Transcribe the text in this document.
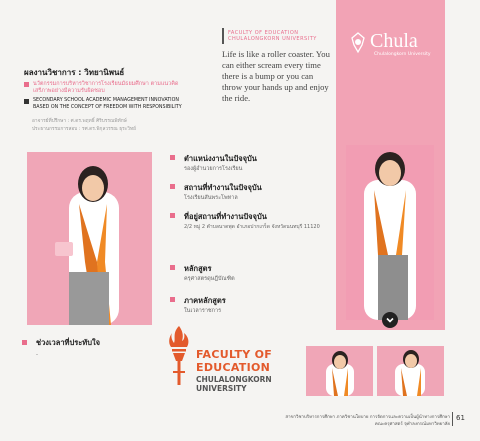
Chula
Chulalongkorn University
FACULTY OF EDUCATION
CHULALONGKORN UNIVERSITY
Life is like a roller coaster. You can either scream every time there is a bump or you can throw your hands up and enjoy the ride.
ผลงานวิชาการ : วิทยานิพนธ์
นวัตกรรมการบริหารวิชาการโรงเรียนมัธยมศึกษา ตามแนวคิดเสรีภาพอย่างมีความรับผิดชอบ
SECONDARY SCHOOL ACADEMIC MANAGEMENT INNOVATION BASED ON THE CONCEPT OF FREEDOM WITH RESPONSIBILITY
อาจารย์ที่ปรึกษา : ศ.ดร.พฤทธิ์ ศิริบรรณพิทักษ์
ประธานกรรมการสอบ : รศ.ดร.พิกุลวรรณ ธุระวิทย์
ตำแหน่งงานในปัจจุบัน
รองผู้อำนวยการโรงเรียน
สถานที่ทำงานในปัจจุบัน
โรงเรียนสันพระโพทาล
ที่อยู่สถานที่ทำงานปัจจุบัน
2/2 หมู่ 2 ตำบลนาดพุด อำเภอปากเกร็ด จังหวัดนนทบุรี 11120
หลักสูตร
ครุศาสตรดุษฎีบัณฑิต
ภาคหลักสูตร
ในเวลาราชการ
ช่วงเวลาที่ประทับใจ
-	FACULTY OF
EDUCATION
CHULALONGKORN
UNIVERSITY
สาขาวิชาบริหารการศึกษา ภาควิชานโยบาย การจัดการและความเป็นผู้นำทางการศึกษา
คณะครุศาสตร์ จุฬาลงกรณ์มหาวิทยาลัย
61
